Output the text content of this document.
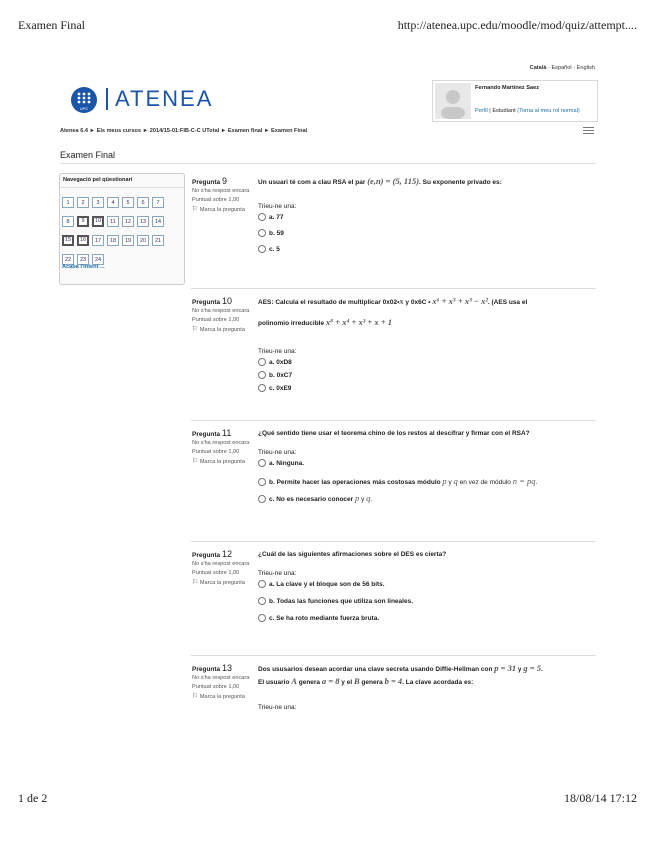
Examen Final	http://atenea.upc.edu/moodle/mod/quiz/attempt....
Català · Español · English
UPC ATENEA	Fernando Martínez Saez
Perfil | Estudiant (Torna al meu rol normal)
Atenea 6.4 ► Els meus cursos ► 2014/15-01:FIB-C-C UTotal ► Examen final ► Examen Final
Examen Final
Navegació pel qüestionari
1	2	3	4	5	6	7
8	9	10	11	12	13	14
15	16	17	18	19	20	21
22	23	24
Acaba l'intent ...
Pregunta 9
No s'ha respost encara
Puntuat sobre 1,00
⚐ Marca la pregunta
Un usuari té com a clau RSA el par (e,n) = (5, 115). Su exponente privado es:
Trieu-ne una:
a. 77
b. 59
c. 5
Pregunta 10
No s'ha respost encara
Puntuat sobre 1,00
⚐ Marca la pregunta
AES: Calcula el resultado de multiplicar 0x02•x y 0x6C • x⁶ + x⁵ + x³ − x². (AES usa el
polinomio irreducible x⁸ + x⁴ + x³ + x + 1
Trieu-ne una:
a. 0xD8
b. 0xC7
c. 0xE9
Pregunta 11
No s'ha respost encara
Puntuat sobre 1,00
⚐ Marca la pregunta
¿Qué sentido tiene usar el teorema chino de los restos al descifrar y firmar con el RSA?
Trieu-ne una:
a. Ninguna.
b. Permite hacer las operaciones más costosas módulo p y q en vez de módulo n = pq.
c. No es necesario conocer p y q.
Pregunta 12
No s'ha respost encara
Puntuat sobre 1,00
⚐ Marca la pregunta
¿Cuál de las siguientes afirmaciones sobre el DES es cierta?
Trieu-ne una:
a. La clave y el bloque son de 56 bits.
b. Todas las funciones que utiliza son lineales.
c. Se ha roto mediante fuerza bruta.
Pregunta 13
No s'ha respost encara
Puntuat sobre 1,00
⚐ Marca la pregunta
Dos ususarios desean acordar una clave secreta usando Diffie-Hellman con p = 31 y g = 5.
El usuario A genera a = 8 y el B genera b = 4. La clave acordada es:
Trieu-ne una:
1 de 2	18/08/14 17:12
